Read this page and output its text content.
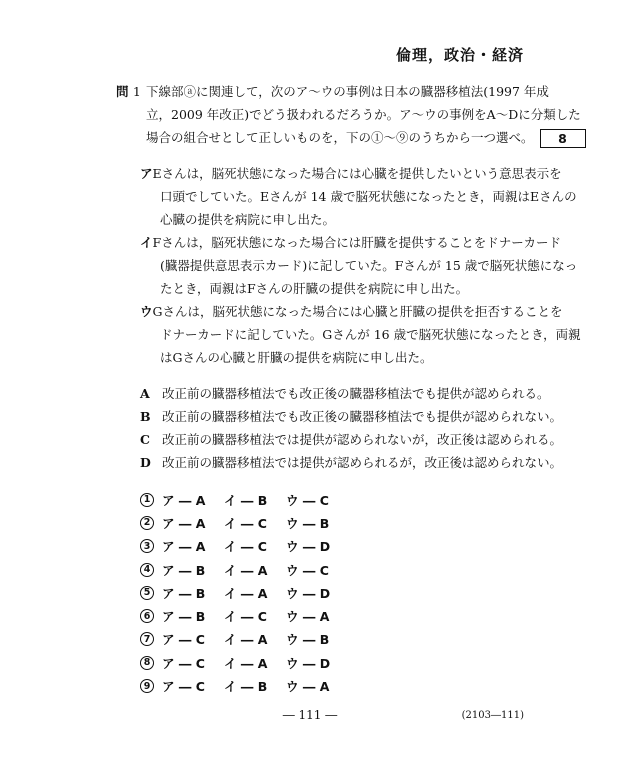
倫理，政治・経済
問 1 下線部ⓐに関連して，次のア〜ウの事例は日本の臓器移植法(1997 年成
立，2009 年改正)でどう扱われるだろうか。ア〜ウの事例をA〜Dに分類した
場合の組合せとして正しいものを，下の①〜⑨のうちから一つ選べ。 8
ア Eさんは，脳死状態になった場合には心臓を提供したいという意思表示を
口頭でしていた。Eさんが 14 歳で脳死状態になったとき，両親はEさんの
心臓の提供を病院に申し出た。
イ Fさんは，脳死状態になった場合には肝臓を提供することをドナーカード
(臓器提供意思表示カード)に記していた。Fさんが 15 歳で脳死状態になっ
たとき，両親はFさんの肝臓の提供を病院に申し出た。
ウ Gさんは，脳死状態になった場合には心臓と肝臓の提供を拒否することを
ドナーカードに記していた。Gさんが 16 歳で脳死状態になったとき，両親
はGさんの心臓と肝臓の提供を病院に申し出た。
A 改正前の臓器移植法でも改正後の臓器移植法でも提供が認められる。
B 改正前の臓器移植法でも改正後の臓器移植法でも提供が認められない。
C 改正前の臓器移植法では提供が認められないが，改正後は認められる。
D 改正前の臓器移植法では提供が認められるが，改正後は認められない。
1 ア ― A	イ ― B	ウ ― C
2 ア ― A	イ ― C	ウ ― B
3 ア ― A	イ ― C	ウ ― D
4 ア ― B	イ ― A	ウ ― C
5 ア ― B	イ ― A	ウ ― D
6 ア ― B	イ ― C	ウ ― A
7 ア ― C	イ ― A	ウ ― B
8 ア ― C	イ ― A	ウ ― D
9 ア ― C	イ ― B	ウ ― A
― 111 ―	(2103―111)
